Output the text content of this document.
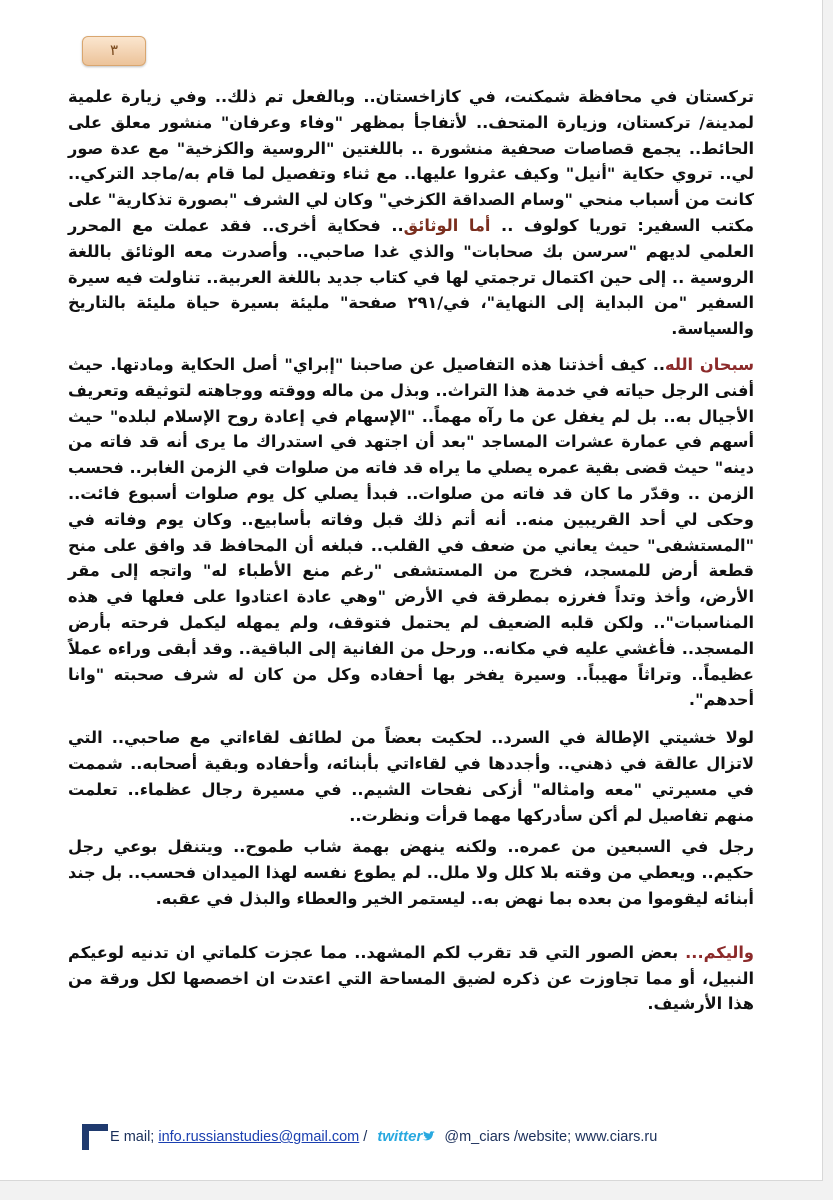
٣

تركستان في محافظة شمكنت، في كازاخستان.. وبالفعل تم ذلك.. وفي زيارة علمية لمدينة/ تركستان، وزيارة المتحف.. لأتفاجأ بمظهر "وفاء وعرفان" منشور معلق على الحائط.. يجمع قصاصات صحفية منشورة .. باللغتين "الروسية والكزخية" مع عدة صور لي.. تروي حكاية "أنيل" وكيف عثروا عليها.. مع ثناء وتفصيل لما قام به/ماجد التركي.. كانت من أسباب منحي "وسام الصداقة الكزخي" وكان لي الشرف "بصورة تذكارية" على مكتب السفير: توريا كولوف .. أما الوثائق.. فحكاية أخرى.. فقد عملت مع المحرر العلمي لديهم "سرسن بك صحابات" والذي غدا صاحبي.. وأصدرت معه الوثائق باللغة الروسية .. إلى حين اكتمال ترجمتي لها في كتاب جديد باللغة العربية.. تناولت فيه سيرة السفير "من البداية إلى النهاية"، في/٢٩١ صفحة" مليئة بسيرة حياة مليئة بالتاريخ والسياسة.

سبحان الله.. كيف أخذتنا هذه التفاصيل عن صاحبنا "إبراي" أصل الحكاية ومادتها. حيث أفنى الرجل حياته في خدمة هذا التراث.. وبذل من ماله ووقته ووجاهته لتوثيقه وتعريف الأجيال به.. بل لم يغفل عن ما رآه مهماً.. "الإسهام في إعادة روح الإسلام لبلده" حيث أسهم في عمارة عشرات المساجد "بعد أن اجتهد في استدراك ما يرى أنه قد فاته من دينه" حيث قضى بقية عمره يصلي ما يراه قد فاته من صلوات في الزمن الغابر.. فحسب الزمن .. وقدّر ما كان قد فاته من صلوات.. فبدأ يصلي كل يوم صلوات أسبوع فائت.. وحكى لي أحد القريبين منه.. أنه أتم ذلك قبل وفاته بأسابيع.. وكان يوم وفاته في "المستشفى" حيث يعاني من ضعف في القلب.. فبلغه أن المحافظ قد وافق على منح قطعة أرض للمسجد، فخرج من المستشفى "رغم منع الأطباء له" واتجه إلى مقر الأرض، وأخذ وتداً فغرزه بمطرقة في الأرض "وهي عادة اعتادوا على فعلها في هذه المناسبات".. ولكن قلبه الضعيف لم يحتمل فتوقف، ولم يمهله ليكمل فرحته بأرض المسجد.. فأغشي عليه في مكانه.. ورحل من الفانية إلى الباقية.. وقد أبقى وراءه عملاً عظيماً.. وتراثاً مهيباً.. وسيرة يفخر بها أحفاده وكل من كان له شرف صحبته "وانا أحدهم".

لولا خشيتي الإطالة في السرد.. لحكيت بعضاً من لطائف لقاءاتي مع صاحبي.. التي لاتزال عالقة في ذهني.. وأجددها في لقاءاتي بأبنائه، وأحفاده وبقية أصحابه.. شممت في مسيرتي "معه وامثاله" أزكى نفحات الشيم.. في مسيرة رجال عظماء.. تعلمت منهم تفاصيل لم أكن سأدركها مهما قرأت ونظرت..

رجل في السبعين من عمره.. ولكنه ينهض بهمة شاب طموح.. ويتنقل بوعي رجل حكيم.. ويعطي من وقته بلا كلل ولا ملل.. لم يطوع نفسه لهذا الميدان فحسب.. بل جند أبنائه ليقوموا من بعده بما نهض به.. ليستمر الخير والعطاء والبذل في عقبه.

واليكم... بعض الصور التي قد تقرب لكم المشهد.. مما عجزت كلماتي ان تدنيه لوعيكم النبيل، أو مما تجاوزت عن ذكره لضيق المساحة التي اعتدت ان اخصصها لكل ورقة من هذا الأرشيف.

E mail; info.russianstudies@gmail.com / twitter @m_ciars /website; www.ciars.ru
